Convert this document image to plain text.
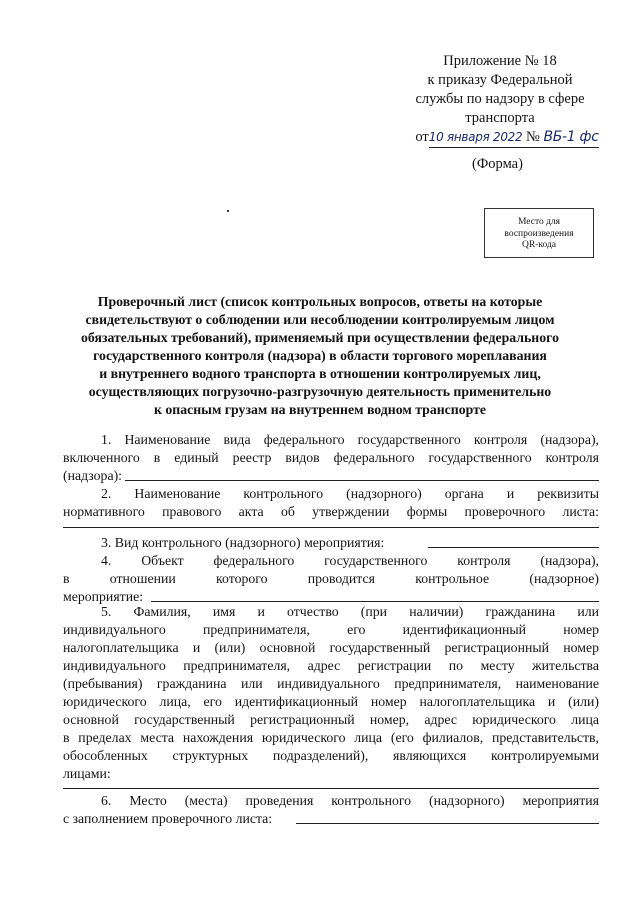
Приложение № 18
к приказу Федеральной
службы по надзору в сфере
транспорта
от10 января 2022 № ВБ-1 фс
(Форма)
Место для
воспроизведения
QR-кода
Проверочный лист (список контрольных вопросов, ответы на которые
свидетельствуют о соблюдении или несоблюдении контролируемым лицом
обязательных требований), применяемый при осуществлении федерального
государственного контроля (надзора) в области торгового мореплавания
и внутреннего водного транспорта в отношении контролируемых лиц,
осуществляющих погрузочно-разгрузочную деятельность применительно
к опасным грузам на внутреннем водном транспорте
1. Наименование вида федерального государственного контроля (надзора),
включенного в единый реестр видов федерального государственного контроля
(надзора):
2. Наименование контрольного (надзорного) органа и реквизиты
нормативного правового акта об утверждении формы проверочного листа:
3. Вид контрольного (надзорного) мероприятия:
4. Объект федерального государственного контроля (надзора),
в отношении которого проводится контрольное (надзорное)
мероприятие:
5. Фамилия, имя и отчество (при наличии) гражданина или
индивидуального предпринимателя, его идентификационный номер
налогоплательщика и (или) основной государственный регистрационный номер
индивидуального предпринимателя, адрес регистрации по месту жительства
(пребывания) гражданина или индивидуального предпринимателя, наименование
юридического лица, его идентификационный номер налогоплательщика и (или)
основной государственный регистрационный номер, адрес юридического лица
в пределах места нахождения юридического лица (его филиалов, представительств,
обособленных структурных подразделений), являющихся контролируемыми
лицами:
6. Место (места) проведения контрольного (надзорного) мероприятия
с заполнением проверочного листа:
